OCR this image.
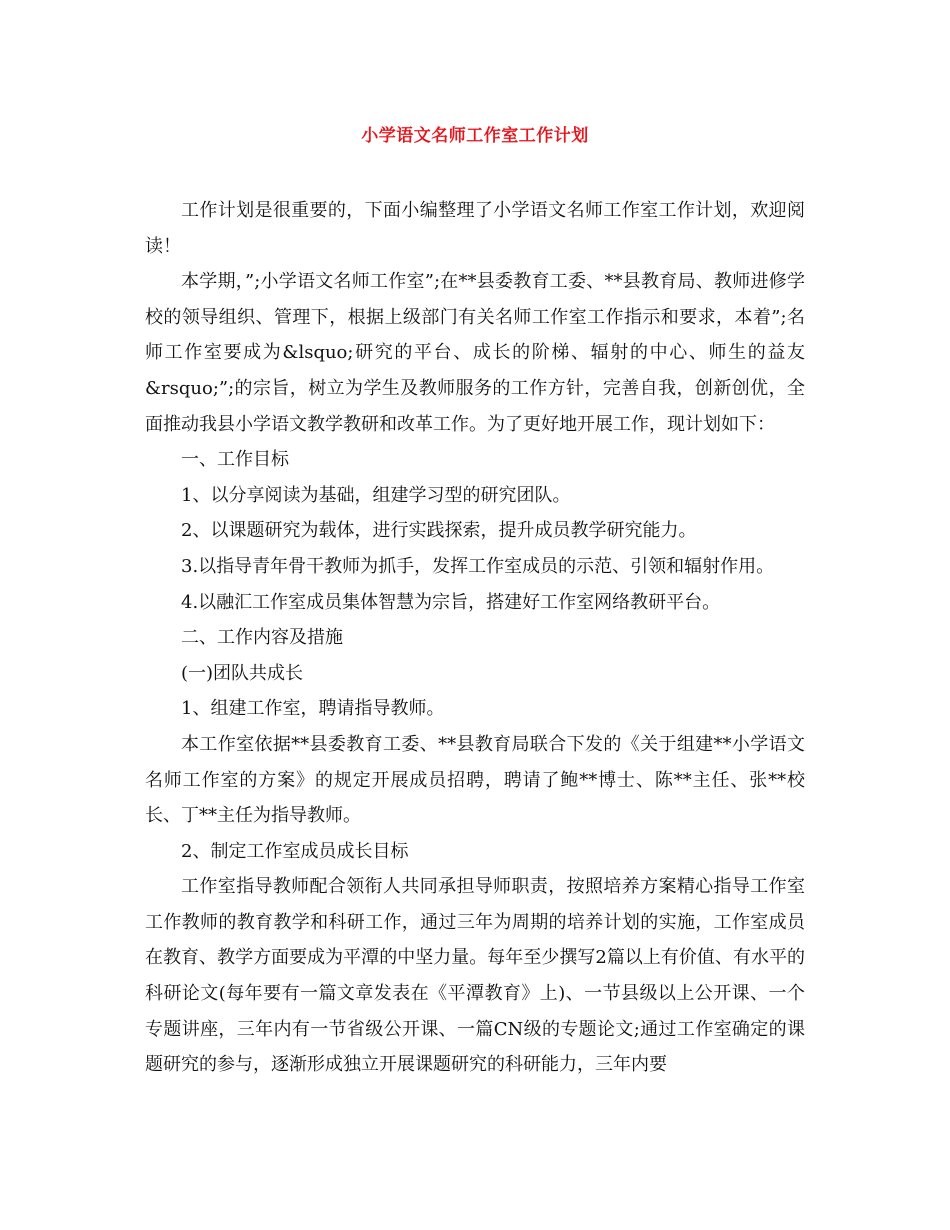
小学语文名师工作室工作计划

工作计划是很重要的，下面小编整理了小学语文名师工作室工作计划，欢迎阅读！

本学期，”;小学语文名师工作室”;在**县委教育工委、**县教育局、教师进修学校的领导组织、管理下，根据上级部门有关名师工作室工作指示和要求，本着”;名师工作室要成为&lsquo;研究的平台、成长的阶梯、辐射的中心、师生的益友&rsquo;”;的宗旨，树立为学生及教师服务的工作方针，完善自我，创新创优，全面推动我县小学语文教学教研和改革工作。为了更好地开展工作，现计划如下：

一、工作目标

1、以分享阅读为基础，组建学习型的研究团队。

2、以课题研究为载体，进行实践探索，提升成员教学研究能力。

3.以指导青年骨干教师为抓手，发挥工作室成员的示范、引领和辐射作用。

4.以融汇工作室成员集体智慧为宗旨，搭建好工作室网络教研平台。

二、工作内容及措施

(一)团队共成长

1、组建工作室，聘请指导教师。

本工作室依据**县委教育工委、**县教育局联合下发的《关于组建**小学语文名师工作室的方案》的规定开展成员招聘，聘请了鲍**博士、陈**主任、张**校长、丁**主任为指导教师。

2、制定工作室成员成长目标

工作室指导教师配合领衔人共同承担导师职责，按照培养方案精心指导工作室工作教师的教育教学和科研工作，通过三年为周期的培养计划的实施，工作室成员在教育、教学方面要成为平潭的中坚力量。每年至少撰写2篇以上有价值、有水平的科研论文(每年要有一篇文章发表在《平潭教育》上)、一节县级以上公开课、一个专题讲座，三年内有一节省级公开课、一篇CN级的专题论文;通过工作室确定的课题研究的参与，逐渐形成独立开展课题研究的科研能力，三年内要
